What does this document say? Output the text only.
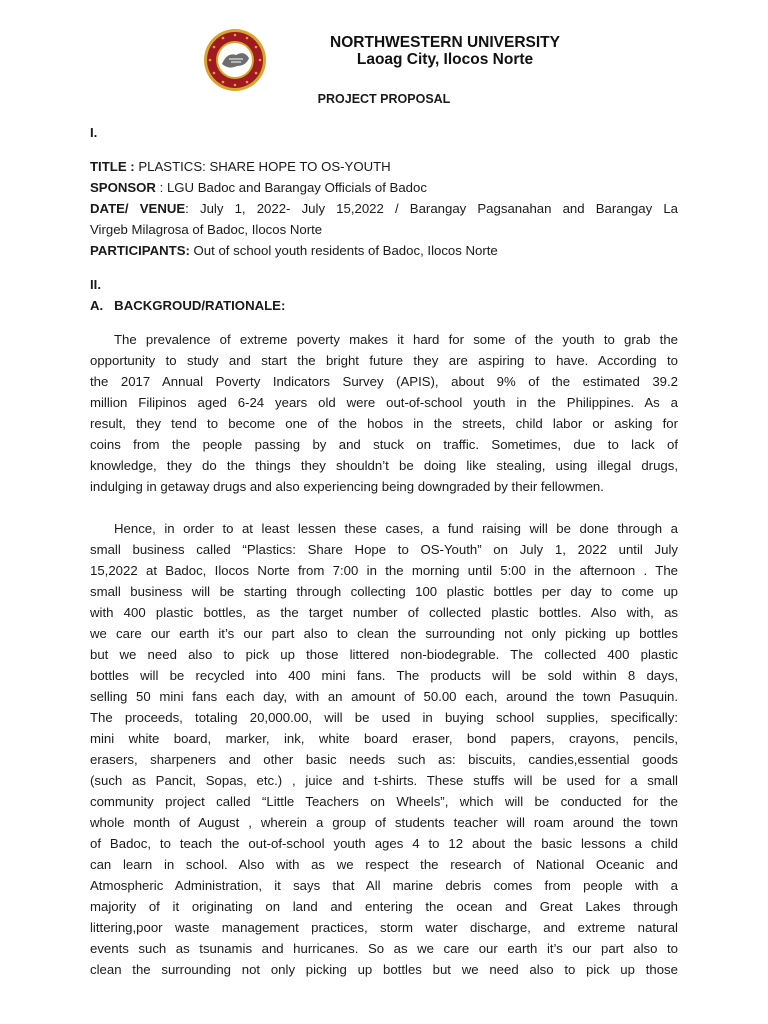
NORTHWESTERN UNIVERSITY
Laoag City, Ilocos Norte
PROJECT PROPOSAL
I.
TITLE : PLASTICS: SHARE HOPE TO OS-YOUTH
SPONSOR : LGU Badoc and Barangay Officials of Badoc
DATE/ VENUE: July 1, 2022- July 15,2022 / Barangay Pagsanahan and Barangay La
Virgeb Milagrosa of Badoc, Ilocos Norte
PARTICIPANTS: Out of school youth residents of Badoc, Ilocos Norte
II.
A.   BACKGROUD/RATIONALE:
The prevalence of extreme poverty makes it hard for some of the youth to grab the
opportunity to study and start the bright future they are aspiring to have. According to
the 2017 Annual Poverty Indicators Survey (APIS), about 9% of the estimated 39.2
million Filipinos aged 6-24 years old were out-of-school youth in the Philippines. As a
result, they tend to become one of the hobos in the streets, child labor or asking for
coins from the people passing by and stuck on traffic. Sometimes, due to lack of
knowledge, they do the things they shouldn’t be doing like stealing, using illegal drugs,
indulging in getaway drugs and also experiencing being downgraded by their fellowmen.
Hence, in order to at least lessen these cases, a fund raising will be done through a
small business called “Plastics: Share Hope to OS-Youth” on July 1, 2022 until July
15,2022 at Badoc, Ilocos Norte from 7:00 in the morning until 5:00 in the afternoon . The
small business will be starting through collecting 100 plastic bottles per day to come up
with 400 plastic bottles, as the target number of collected plastic bottles. Also with, as
we care our earth it’s our part also to clean the surrounding not only picking up bottles
but we need also to pick up those littered non-biodegrable. The collected 400 plastic
bottles will be recycled into 400 mini fans. The products will be sold within 8 days,
selling 50 mini fans each day, with an amount of 50.00 each, around the town Pasuquin.
The proceeds, totaling 20,000.00, will be used in buying school supplies, specifically:
mini white board, marker, ink, white board eraser, bond papers, crayons, pencils,
erasers, sharpeners and other basic needs such as: biscuits, candies,essential goods
(such as Pancit, Sopas, etc.) , juice and t-shirts. These stuffs will be used for a small
community project called “Little Teachers on Wheels”, which will be conducted for the
whole month of August , wherein a group of students teacher will roam around the town
of Badoc, to teach the out-of-school youth ages 4 to 12 about the basic lessons a child
can learn in school. Also with as we respect the research of National Oceanic and
Atmospheric Administration, it says that All marine debris comes from people with a
majority of it originating on land and entering the ocean and Great Lakes through
littering,poor waste management practices, storm water discharge, and extreme natural
events such as tsunamis and hurricanes. So as we care our earth it’s our part also to
clean the surrounding not only picking up bottles but we need also to pick up those
